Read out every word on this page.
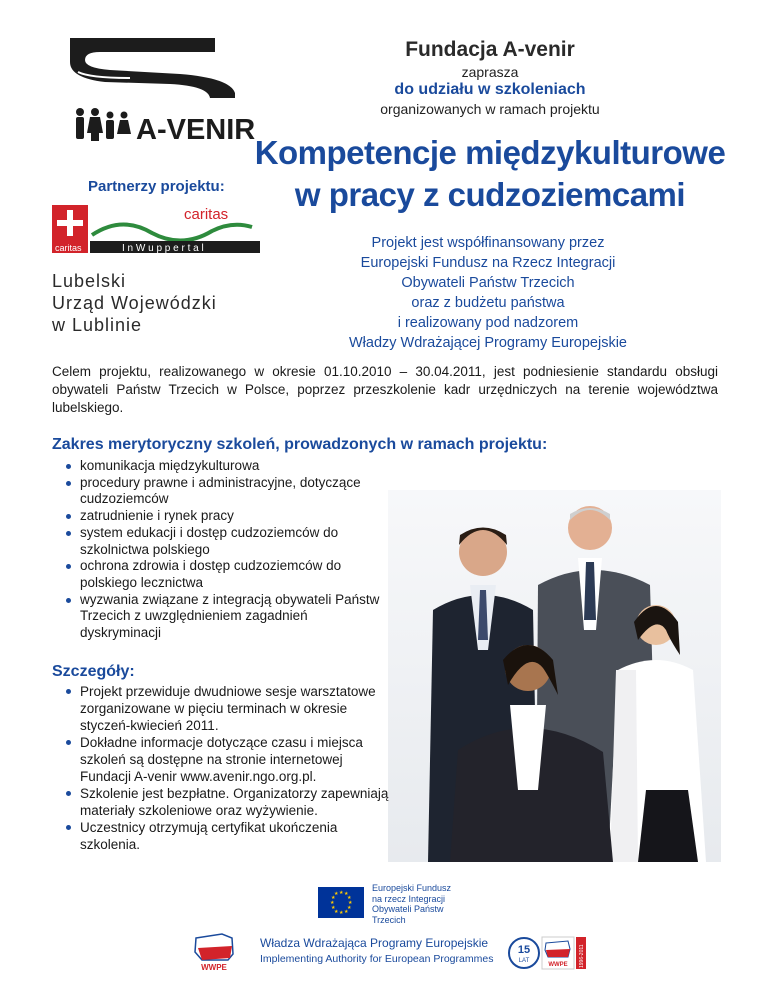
A-VENIR
Fundacja A-venir
zaprasza
do udziału w szkoleniach
organizowanych w ramach projektu
Kompetencje międzykulturowe
w pracy z cudzoziemcami
Projekt jest współfinansowany przez
Europejski Fundusz na Rzecz Integracji
Obywateli Państw Trzecich
oraz z budżetu państwa
i realizowany pod nadzorem
Władzy Wdrażającej Programy Europejskie
Partnerzy projektu:
caritas
caritas
I n W u p p e r t a l
Lubelski
Urząd Wojewódzki
w Lublinie
Celem projektu, realizowanego w okresie 01.10.2010 – 30.04.2011, jest podniesienie standardu obsługi obywateli Państw Trzecich w Polsce, poprzez przeszkolenie kadr urzędniczych na terenie województwa lubelskiego.
Zakres merytoryczny szkoleń, prowadzonych w ramach projektu:
komunikacja międzykulturowa
procedury prawne i administracyjne, dotyczące cudzoziemców
zatrudnienie i rynek pracy
system edukacji i dostęp cudzoziemców do szkolnictwa polskiego
ochrona zdrowia i dostęp cudzoziemców do polskiego lecznictwa
wyzwania związane z integracją obywateli Państw Trzecich z uwzględnieniem zagadnień dyskryminacji
Szczegóły:
Projekt przewiduje dwudniowe sesje warsztatowe zorganizowane w pięciu terminach w okresie styczeń-kwiecień 2011.
Dokładne informacje dotyczące czasu i miejsca szkoleń są dostępne na stronie internetowej Fundacji A-venir www.avenir.ngo.org.pl.
Szkolenie jest bezpłatne. Organizatorzy zapewniają materiały szkoleniowe oraz wyżywienie.
Uczestnicy otrzymują certyfikat ukończenia szkolenia.
★ ★
★
★
★
★
★
★
★
★
★
★
Europejski Fundusz
na rzecz Integracji
Obywateli Państw
Trzecich
WWPE
Władza Wdrażająca Programy Europejskie
Implementing Authority for European Programmes
15
LAT
WWPE 1996-2011
